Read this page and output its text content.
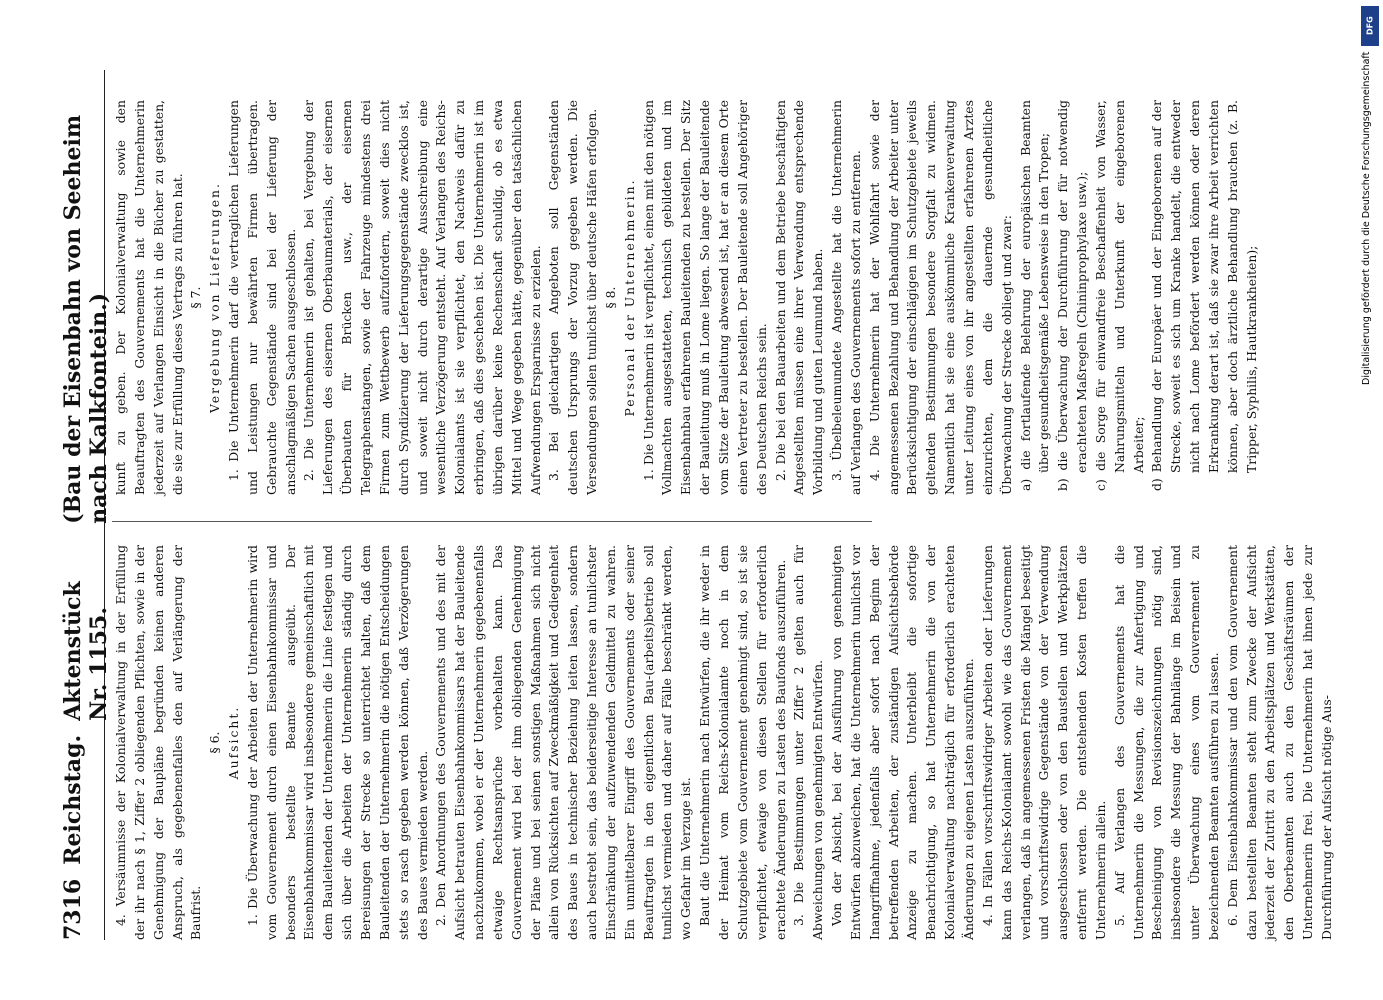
7316
Reichstag.
Aktenstück Nr. 1155.
(Bau der Eisenbahn von Seeheim nach Kalkfontein.)

4. Versäumnisse der Kolonialverwaltung in der Erfüllung der ihr nach § 1, Ziffer 2 obliegenden Pflichten, sowie in der Genehmigung der Baupläne begründen keinen anderen Anspruch, als gegebenenfalles den auf Verlängerung der Baufrist.

§ 6. Aufsicht. 1. Die Überwachung der Arbeiten der Unternehmerin wird vom Gouvernement durch einen Eisenbahnkommissar und besonders bestellte Beamte ausgeübt. Der Eisenbahnkommissar wird insbesondere gemeinschaftlich mit dem Bauleitenden der Unternehmerin die Linie festlegen und sich über die Arbeiten der Unternehmerin ständig durch Bereisungen der Strecke so unterrichtet halten, daß dem Bauleitenden der Unternehmerin die nötigen Entscheidungen stets so rasch gegeben werden können, daß Verzögerungen des Baues vermieden werden. 2. Den Anordnungen des Gouvernements und des mit der Aufsicht betrauten Eisenbahnkommissars hat der Bauleitende nachzukommen, wobei er der Unternehmerin gegebenenfalls etwaige Rechtsansprüche vorbehalten kann. Das Gouvernement wird bei der ihm obliegenden Genehmigung der Pläne und bei seinen sonstigen Maßnahmen sich nicht allein von Rücksichten auf Zweckmäßigkeit und Gediegenheit des Baues in technischer Beziehung leiten lassen, sondern auch bestrebt sein, das beiderseitige Interesse an tunlichster Einschränkung der aufzuwendenden Geldmittel zu wahren. Ein unmittelbarer Eingriff des Gouvernements oder seiner Beauftragten in den eigentlichen Bau-(arbeits)betrieb soll tunlichst vermieden und daher auf Fälle beschränkt werden, wo Gefahr im Verzuge ist. Baut die Unternehmerin nach Entwürfen, die ihr weder in der Heimat vom Reichs-Kolonialamte noch in dem Schutzgebiete vom Gouvernement genehmigt sind, so ist sie verpflichtet, etwaige von diesen Stellen für erforderlich erachtete Änderungen zu Lasten des Baufonds auszuführen. 3. Die Bestimmungen unter Ziffer 2 gelten auch für Abweichungen von genehmigten Entwürfen. Von der Absicht, bei der Ausführung von genehmigten Entwürfen abzuweichen, hat die Unternehmerin tunlichst vor Inangriffnahme, jedenfalls aber sofort nach Beginn der betreffenden Arbeiten, der zuständigen Aufsichtsbehörde Anzeige zu machen. Unterbleibt die sofortige Benachrichtigung, so hat Unternehmerin die von der Kolonialverwaltung nachträglich für erforderlich erachteten Änderungen zu eigenen Lasten auszuführen. 4. In Fällen vorschriftswidriger Arbeiten oder Lieferungen kann das Reichs-Kolonialamt sowohl wie das Gouvernement verlangen, daß in angemessenen Fristen die Mängel beseitigt und vorschriftswidrige Gegenstände von der Verwendung ausgeschlossen oder von den Baustellen und Werkplätzen entfernt werden. Die entstehenden Kosten treffen die Unternehmerin allein. 5. Auf Verlangen des Gouvernements hat die Unternehmerin die Messungen, die zur Anfertigung und Bescheinigung von Revisionszeichnungen nötig sind, insbesondere die Messung der Bahnlänge im Beisein und unter Überwachung eines vom Gouvernement zu bezeichnenden Beamten ausführen zu lassen. 6. Dem Eisenbahnkommissar und den vom Gouvernement dazu bestellten Beamten steht zum Zwecke der Aufsicht jederzeit der Zutritt zu den Arbeitsplätzen und Werkstätten, den Oberbeamten auch zu den Geschäftsräumen der Unternehmerin frei. Die Unternehmerin hat ihnen jede zur Durchführung der Aufsicht nötige Aus-

kunft zu geben. Der Kolonialverwaltung sowie den Beauftragten des Gouvernements hat die Unternehmerin jederzeit auf Verlangen Einsicht in die Bücher zu gestatten, die sie zur Erfüllung dieses Vertrags zu führen hat. § 7. Vergebung von Lieferungen. 1. Die Unternehmerin darf die vertraglichen Lieferungen und Leistungen nur bewährten Firmen übertragen. Gebrauchte Gegenstände sind bei der Lieferung der anschlagmäßigen Sachen ausgeschlossen. 2. Die Unternehmerin ist gehalten, bei Vergebung der Lieferungen des eisernen Oberbaumaterials, der eisernen Überbauten für Brücken usw., der eisernen Telegraphenstangen, sowie der Fahrzeuge mindestens drei Firmen zum Wettbewerb aufzufordern, soweit dies nicht durch Syndizierung der Lieferungsgegenstände zwecklos ist, und soweit nicht durch derartige Ausschreibung eine wesentliche Verzögerung entsteht. Auf Verlangen des Reichs-Kolonialamts ist sie verpflichtet, den Nachweis dafür zu erbringen, daß dies geschehen ist. Die Unternehmerin ist im übrigen darüber keine Rechenschaft schuldig, ob es etwa Mittel und Wege gegeben hätte, gegenüber den tatsächlichen Aufwendungen Ersparnisse zu erzielen. 3. Bei gleichartigen Angeboten soll Gegenständen deutschen Ursprungs der Vorzug gegeben werden. Die Versendungen sollen tunlichst über deutsche Häfen erfolgen. § 8. Personal der Unternehmerin. 1. Die Unternehmerin ist verpflichtet, einen mit den nötigen Vollmachten ausgestatteten, technisch gebildeten und im Eisenbahnbau erfahrenen Bauleitenden zu bestellen. Der Sitz der Bauleitung muß in Lome liegen. So lange der Bauleitende vom Sitze der Bauleitung abwesend ist, hat er an diesem Orte einen Vertreter zu bestellen. Der Bauleitende soll Angehöriger des Deutschen Reichs sein. 2. Die bei den Bauarbeiten und dem Betriebe beschäftigten Angestellten müssen eine ihrer Verwendung entsprechende Vorbildung und guten Leumund haben. 3. Übelbeleumundete Angestellte hat die Unternehmerin auf Verlangen des Gouvernements sofort zu entfernen. 4. Die Unternehmerin hat der Wohlfahrt sowie der angemessenen Bezahlung und Behandlung der Arbeiter unter Berücksichtigung der einschlägigen im Schutzgebiete jeweils geltenden Bestimmungen besondere Sorgfalt zu widmen. Namentlich hat sie eine auskömmliche Krankenverwaltung unter Leitung eines von ihr angestellten erfahrenen Arztes einzurichten, dem die dauernde gesundheitliche Überwachung der Strecke obliegt und zwar: a) die fortlaufende Belehrung der europäischen Beamten über gesundheitsgemäße Lebensweise in den Tropen; b) die Überwachung der Durchführung der für notwendig erachteten Maßregeln (Chininprophylaxe usw.); c) die Sorge für einwandfreie Beschaffenheit von Wasser, Nahrungsmitteln und Unterkunft der eingeborenen Arbeiter; d) Behandlung der Europäer und der Eingeborenen auf der Strecke, soweit es sich um Kranke handelt, die entweder nicht nach Lome befördert werden können oder deren Erkrankung derart ist, daß sie zwar ihre Arbeit verrichten können, aber doch ärztliche Behandlung brauchen (z. B. Tripper, Syphilis, Hautkrankheiten);

DFG
Digitalisierung gefördert durch die Deutsche Forschungsgemeinschaft
